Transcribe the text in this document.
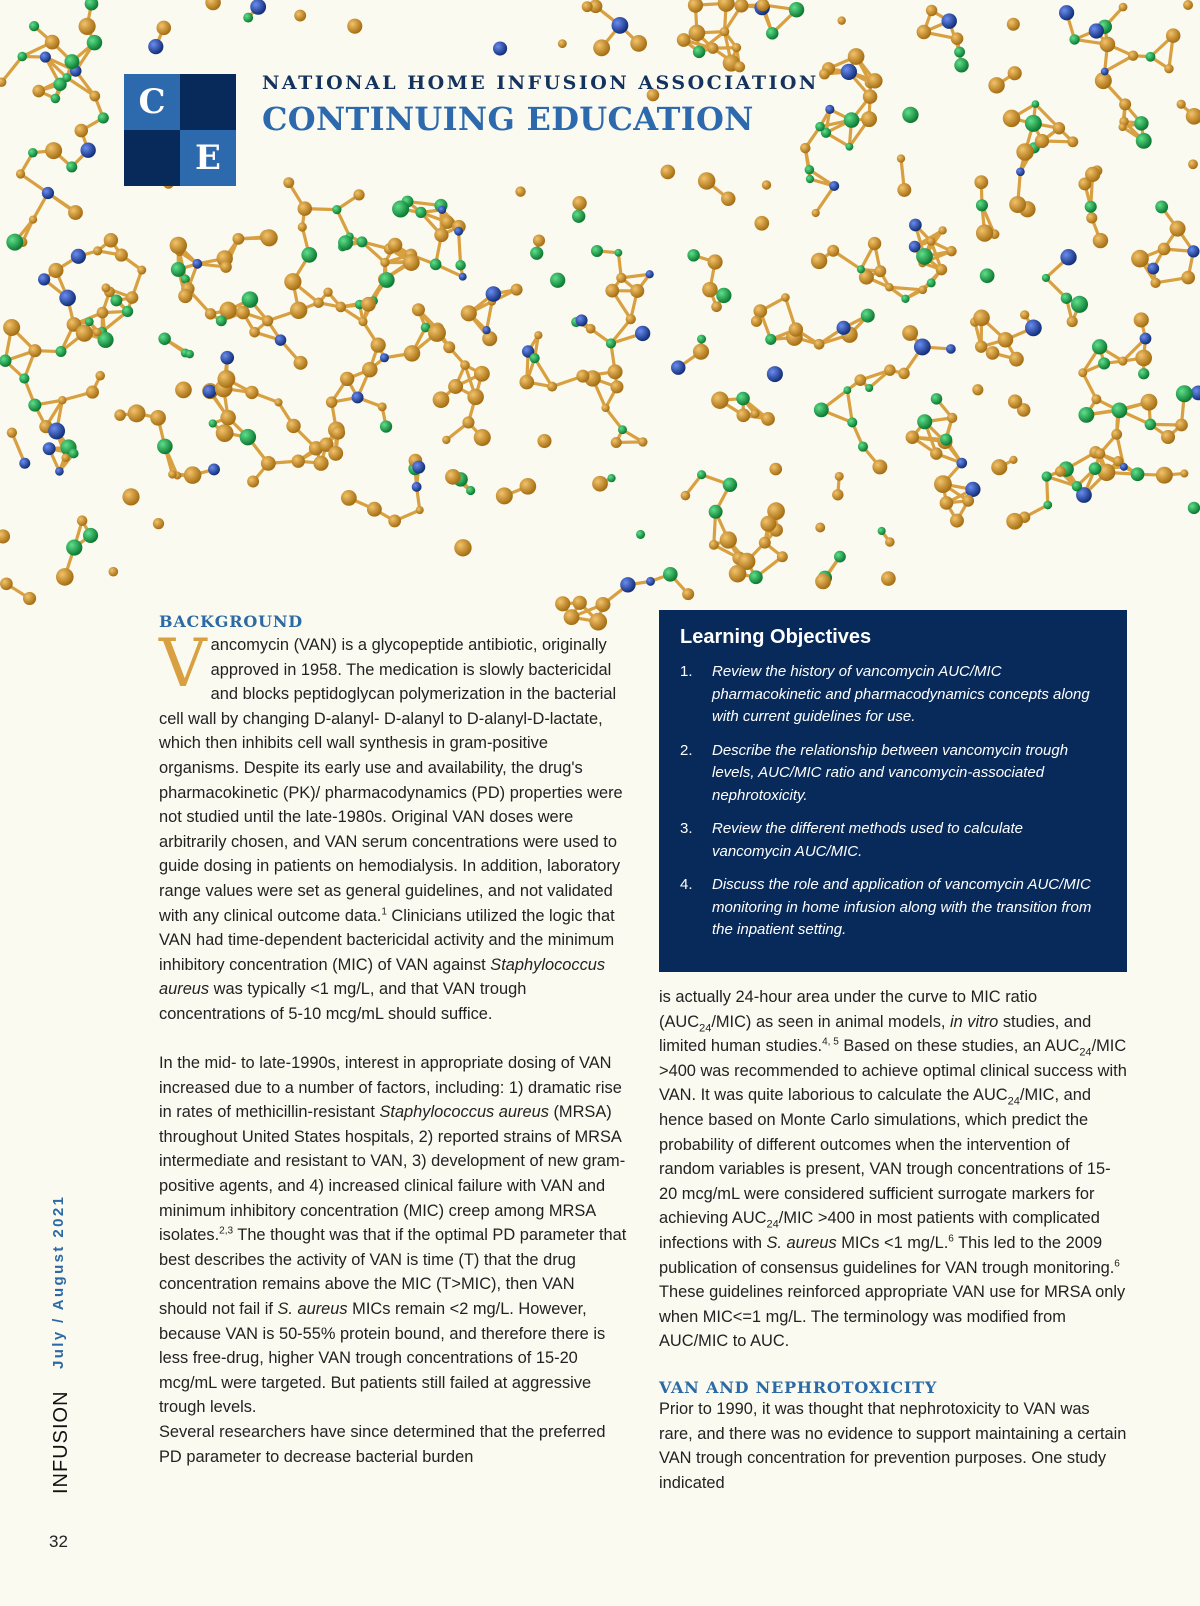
C
E
NATIONAL HOME INFUSION ASSOCIATION
CONTINUING EDUCATION
BACKGROUND

V ancomycin (VAN) is a glycopeptide antibiotic, originally approved in 1958. The medication is slowly bactericidal and blocks peptidoglycan polymerization in the bacterial cell wall by changing D-alanyl- D-alanyl to D-alanyl-D-lactate, which then inhibits cell wall synthesis in gram-positive organisms. Despite its early use and availability, the drug's pharmacokinetic (PK)/ pharmacodynamics (PD) properties were not studied until the late-1980s. Original VAN doses were arbitrarily chosen, and VAN serum concentrations were used to guide dosing in patients on hemodialysis. In addition, laboratory range values were set as general guidelines, and not validated with any clinical outcome data.$^1$ Clinicians utilized the logic that VAN had time-dependent bactericidal activity and the minimum inhibitory concentration (MIC) of VAN against Staphylococcus aureus was typically <1 mg/L, and that VAN trough concentrations of 5-10 mcg/mL should suffice.

In the mid- to late-1990s, interest in appropriate dosing of VAN increased due to a number of factors, including: 1) dramatic rise in rates of methicillin-resistant Staphylococcus aureus (MRSA) throughout United States hospitals, 2) reported strains of MRSA intermediate and resistant to VAN, 3) development of new gram-positive agents, and 4) increased clinical failure with VAN and minimum inhibitory concentration (MIC) creep among MRSA isolates.$^{2,3}$ The thought was that if the optimal PD parameter that best describes the activity of VAN is time (T) that the drug concentration remains above the MIC (T>MIC), then VAN should not fail if S. aureus MICs remain <2 mg/L. However, because VAN is 50-55% protein bound, and therefore there is less free-drug, higher VAN trough concentrations of 15-20 mcg/mL were targeted. But patients still failed at aggressive trough levels.

Several researchers have since determined that the preferred PD parameter to decrease bacterial burden

Learning Objectives
1.	Review the history of vancomycin AUC/MIC pharmacokinetic and pharmacodynamics concepts along with current guidelines for use.
2.	Describe the relationship between vancomycin trough levels, AUC/MIC ratio and vancomycin-associated nephrotoxicity.
3.	Review the different methods used to calculate vancomycin AUC/MIC.
4.	Discuss the role and application of vancomycin AUC/MIC monitoring in home infusion along with the transition from the inpatient setting.

is actually 24-hour area under the curve to MIC ratio $(AUC_{24}/MIC)$ as seen in animal models, in vitro studies, and limited human studies.$^{4, 5}$ Based on these studies, an $AUC_{24}$/MIC >400 was recommended to achieve optimal clinical success with VAN. It was quite laborious to calculate the $AUC_{24}$/MIC, and hence based on Monte Carlo simulations, which predict the probability of different outcomes when the intervention of random variables is present, VAN trough concentrations of 15-20 mcg/mL were considered sufficient surrogate markers for achieving $AUC_{24}$/MIC >400 in most patients with complicated infections with S. aureus MICs <1 mg/L.$^6$ This led to the 2009 publication of consensus guidelines for VAN trough monitoring.$^6$ These guidelines reinforced appropriate VAN use for MRSA only when MIC<=1 mg/L. The terminology was modified from AUC/MIC to AUC.

VAN AND NEPHROTOXICITY

Prior to 1990, it was thought that nephrotoxicity to VAN was rare, and there was no evidence to support maintaining a certain VAN trough concentration for prevention purposes. One study indicated

July / August 2021
INFUSION
32
